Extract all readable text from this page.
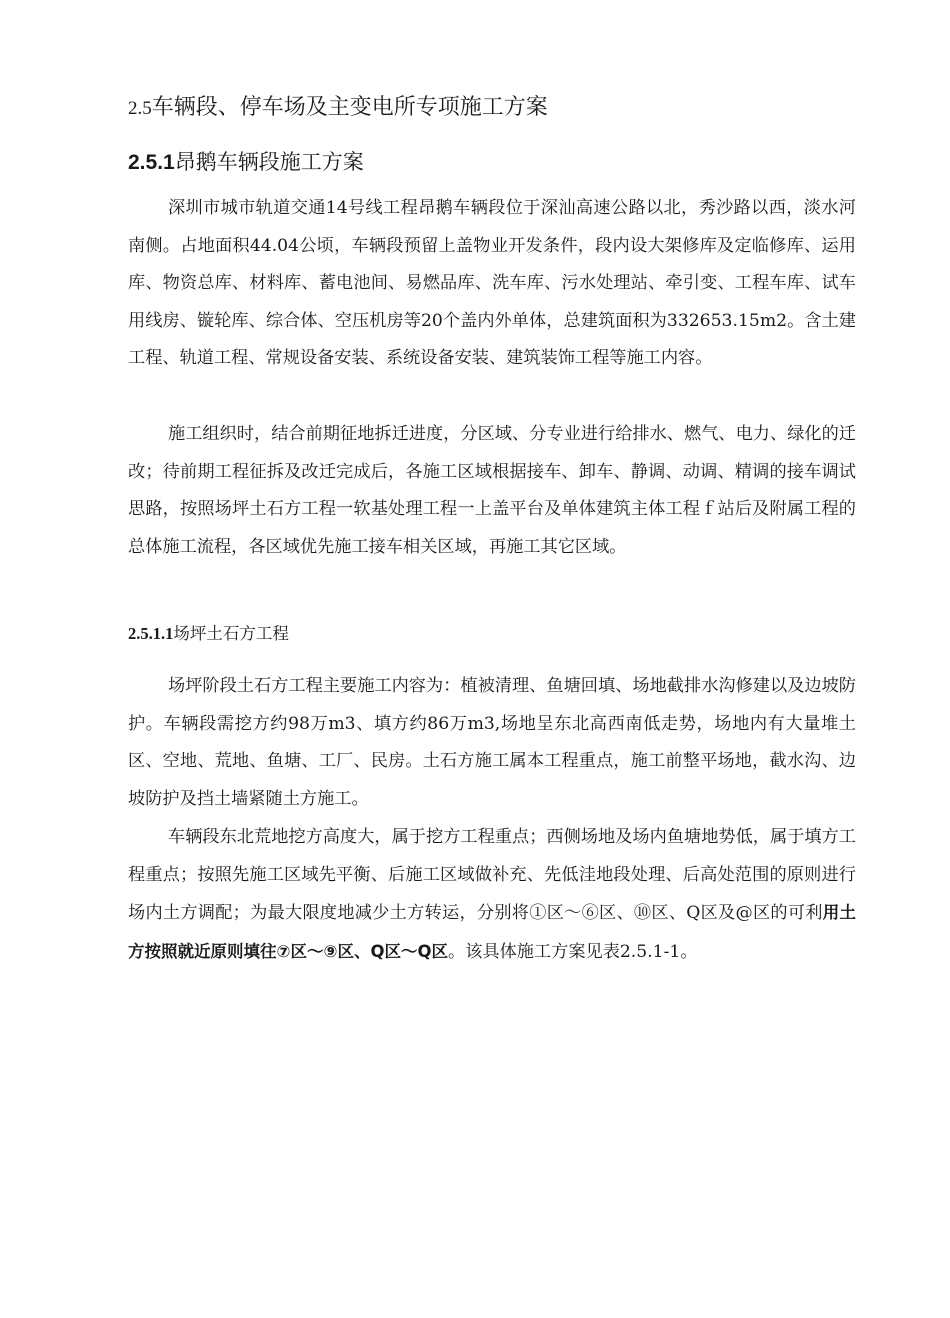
2.5车辆段、停车场及主变电所专项施工方案
2.5.1昂鹅车辆段施工方案

深圳市城市轨道交通14号线工程昂鹅车辆段位于深汕高速公路以北，秀沙路以西，淡水河南侧。占地面积44.04公顷，车辆段预留上盖物业开发条件，段内设大架修库及定临修库、运用库、物资总库、材料库、蓄电池间、易燃品库、洗车库、污水处理站、牵引变、工程车库、试车用线房、镟轮库、综合体、空压机房等20个盖内外单体，总建筑面积为332653.15m2。含土建工程、轨道工程、常规设备安装、系统设备安装、建筑装饰工程等施工内容。

施工组织时，结合前期征地拆迁进度，分区域、分专业进行给排水、燃气、电力、绿化的迁改；待前期工程征拆及改迁完成后，各施工区域根据接车、卸车、静调、动调、精调的接车调试思路，按照场坪土石方工程一软基处理工程一上盖平台及单体建筑主体工程ｆ站后及附属工程的总体施工流程，各区域优先施工接车相关区域，再施工其它区域。

2.5.1.1场坪土石方工程

场坪阶段土石方工程主要施工内容为：植被清理、鱼塘回填、场地截排水沟修建以及边坡防护。车辆段需挖方约98万m3、填方约86万m3,场地呈东北高西南低走势，场地内有大量堆土区、空地、荒地、鱼塘、工厂、民房。土石方施工属本工程重点，施工前整平场地，截水沟、边坡防护及挡土墙紧随土方施工。

车辆段东北荒地挖方高度大，属于挖方工程重点；西侧场地及场内鱼塘地势低，属于填方工程重点；按照先施工区域先平衡、后施工区域做补充、先低洼地段处理、后高处范围的原则进行场内土方调配；为最大限度地减少土方转运，分别将①区〜⑥区、⑩区、Q区及@区的可利用土方按照就近原则填往⑦区〜⑨区、Q区〜Q区。该具体施工方案见表2.5.1-1。
